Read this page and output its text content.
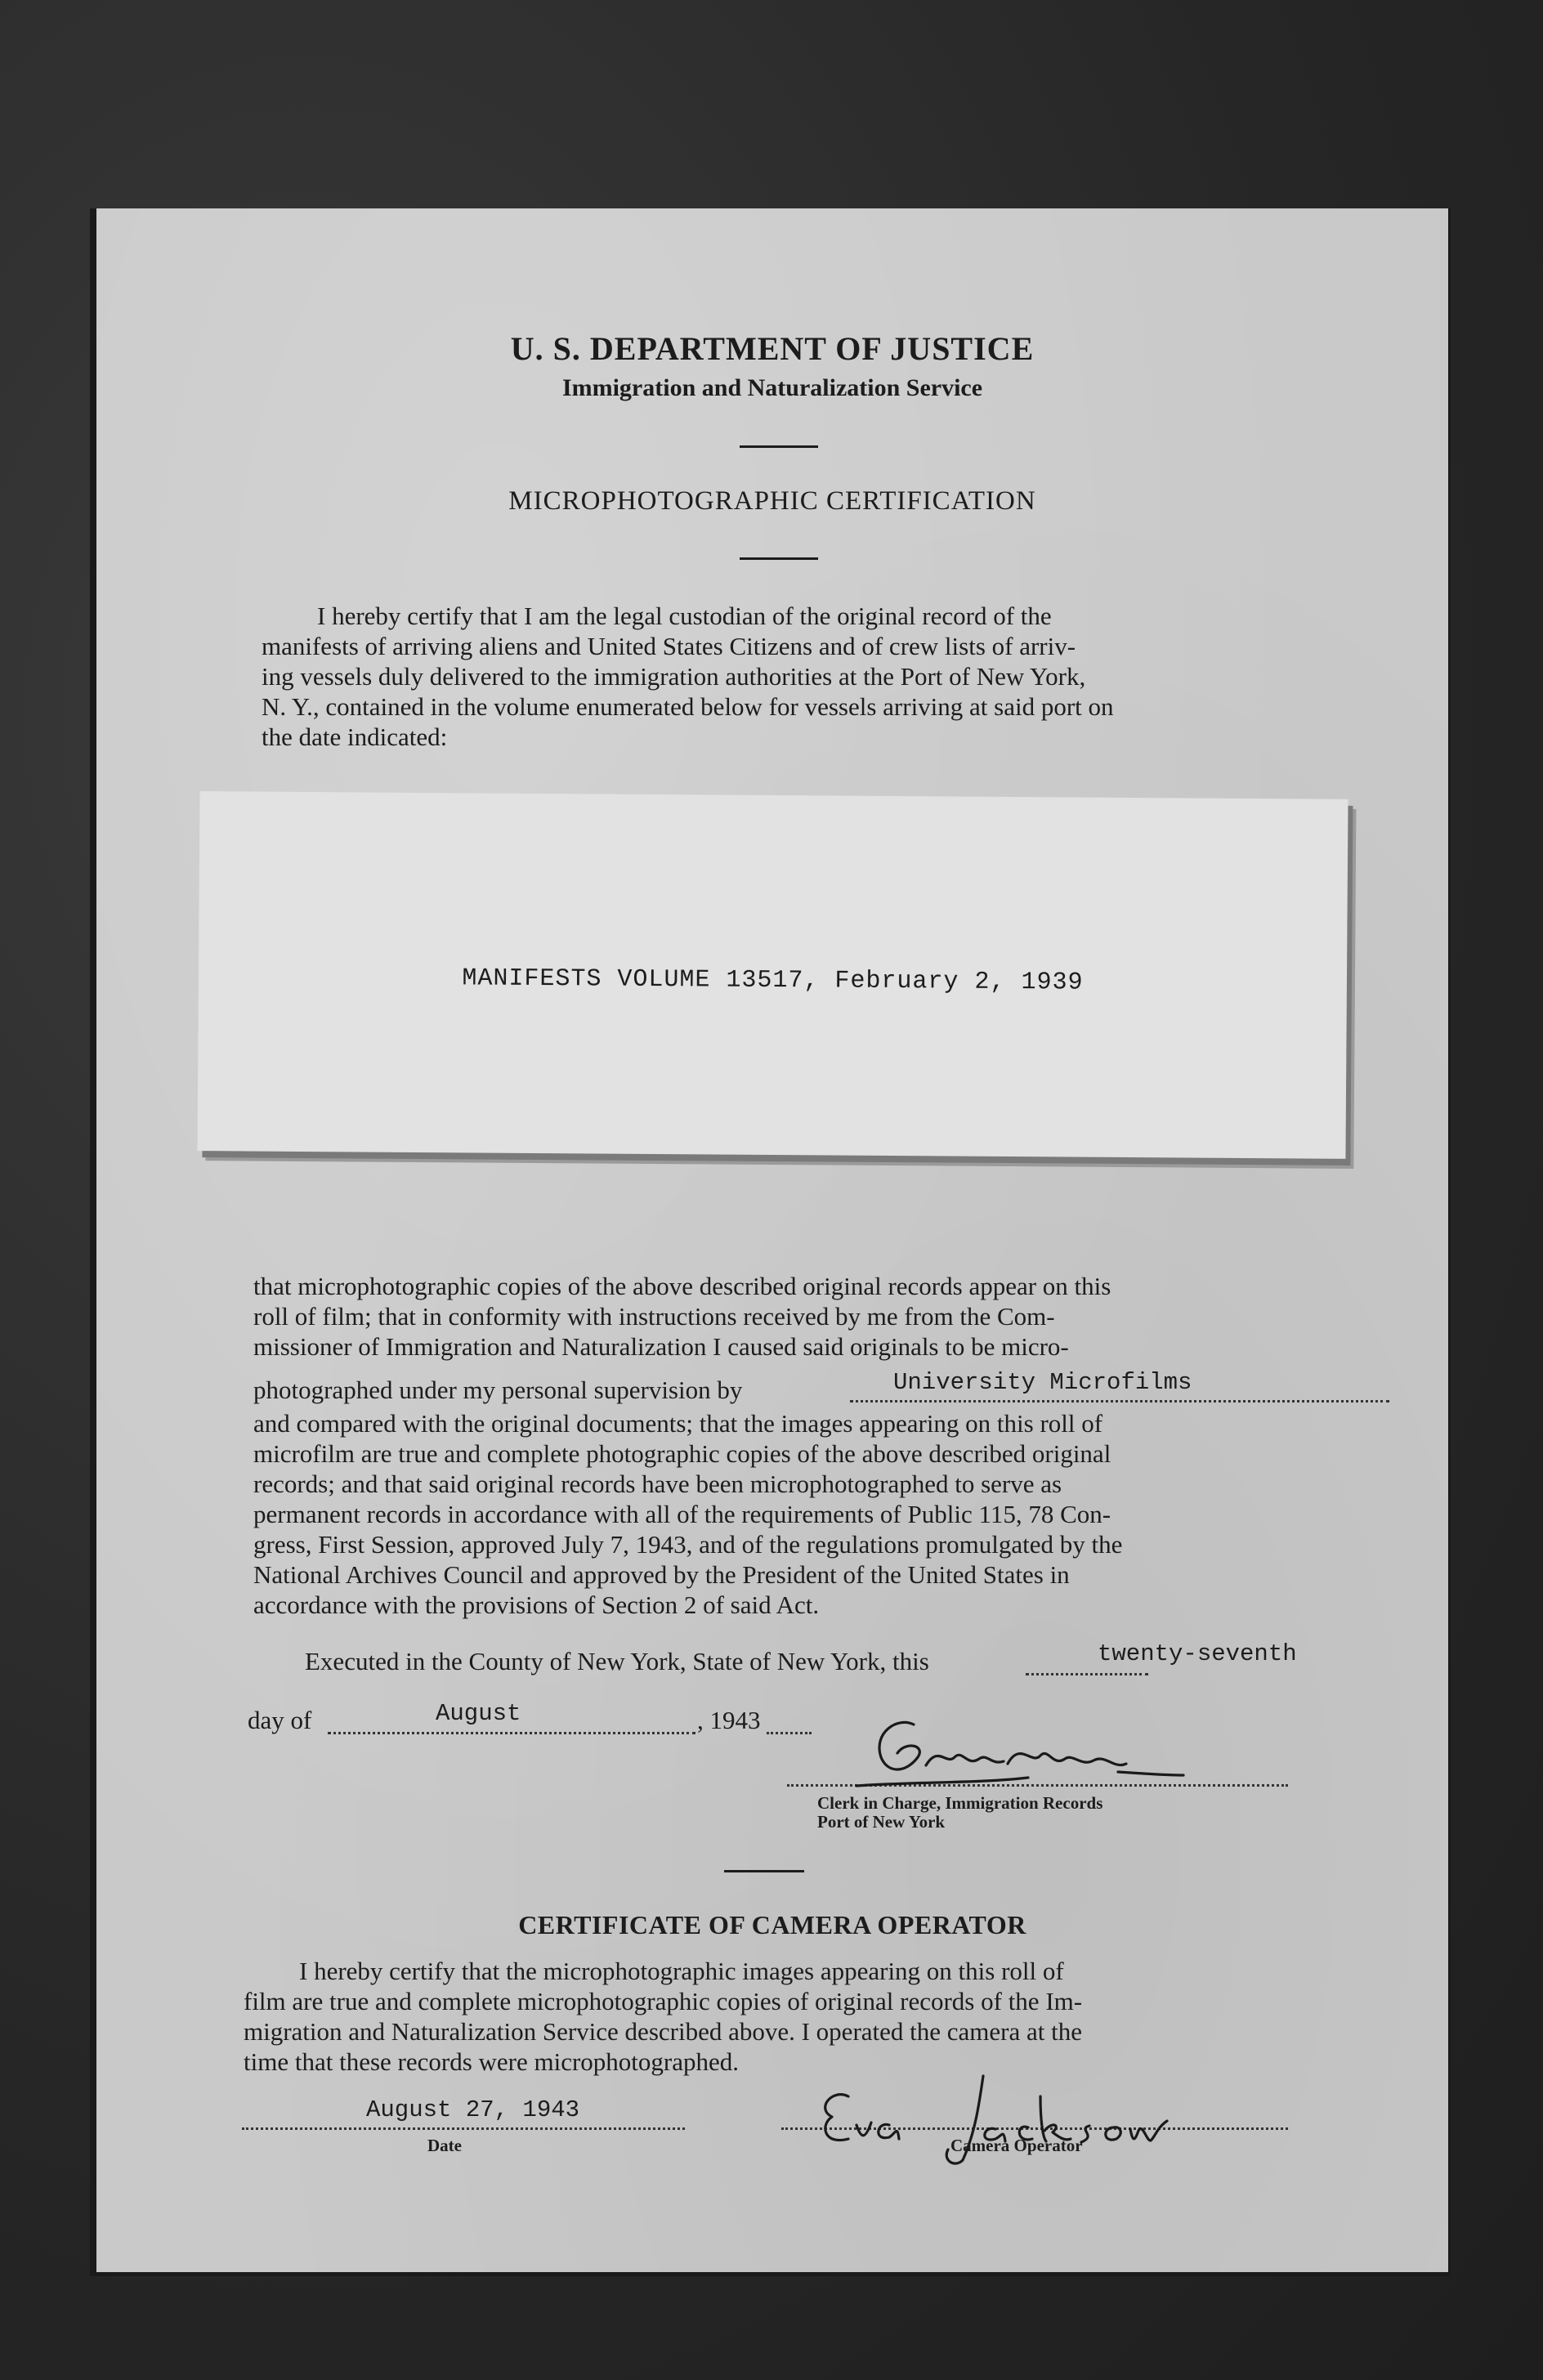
U. S. DEPARTMENT OF JUSTICE
Immigration and Naturalization Service
MICROPHOTOGRAPHIC CERTIFICATION
I hereby certify that I am the legal custodian of the original record of the
manifests of arriving aliens and United States Citizens and of crew lists of arriv-
ing vessels duly delivered to the immigration authorities at the Port of New York,
N. Y., contained in the volume enumerated below for vessels arriving at said port on
the date indicated:
MANIFESTS VOLUME 13517, February 2, 1939
that microphotographic copies of the above described original records appear on this
roll of film; that in conformity with instructions received by me from the Com-
missioner of Immigration and Naturalization I caused said originals to be micro-
photographed under my personal supervision by	University Microfilms
and compared with the original documents; that the images appearing on this roll of
microfilm are true and complete photographic copies of the above described original
records; and that said original records have been microphotographed to serve as
permanent records in accordance with all of the requirements of Public 115, 78 Con-
gress, First Session, approved July 7, 1943, and of the regulations promulgated by the
National Archives Council and approved by the President of the United States in
accordance with the provisions of Section 2 of said Act.
Executed in the County of New York, State of New York, this	twenty-seventh
day of	August	, 1943
Clerk in Charge, Immigration Records
Port of New York
CERTIFICATE OF CAMERA OPERATOR
I hereby certify that the microphotographic images appearing on this roll of
film are true and complete microphotographic copies of original records of the Im-
migration and Naturalization Service described above. I operated the camera at the
time that these records were microphotographed.
August 27, 1943
Date	Camera Operator
